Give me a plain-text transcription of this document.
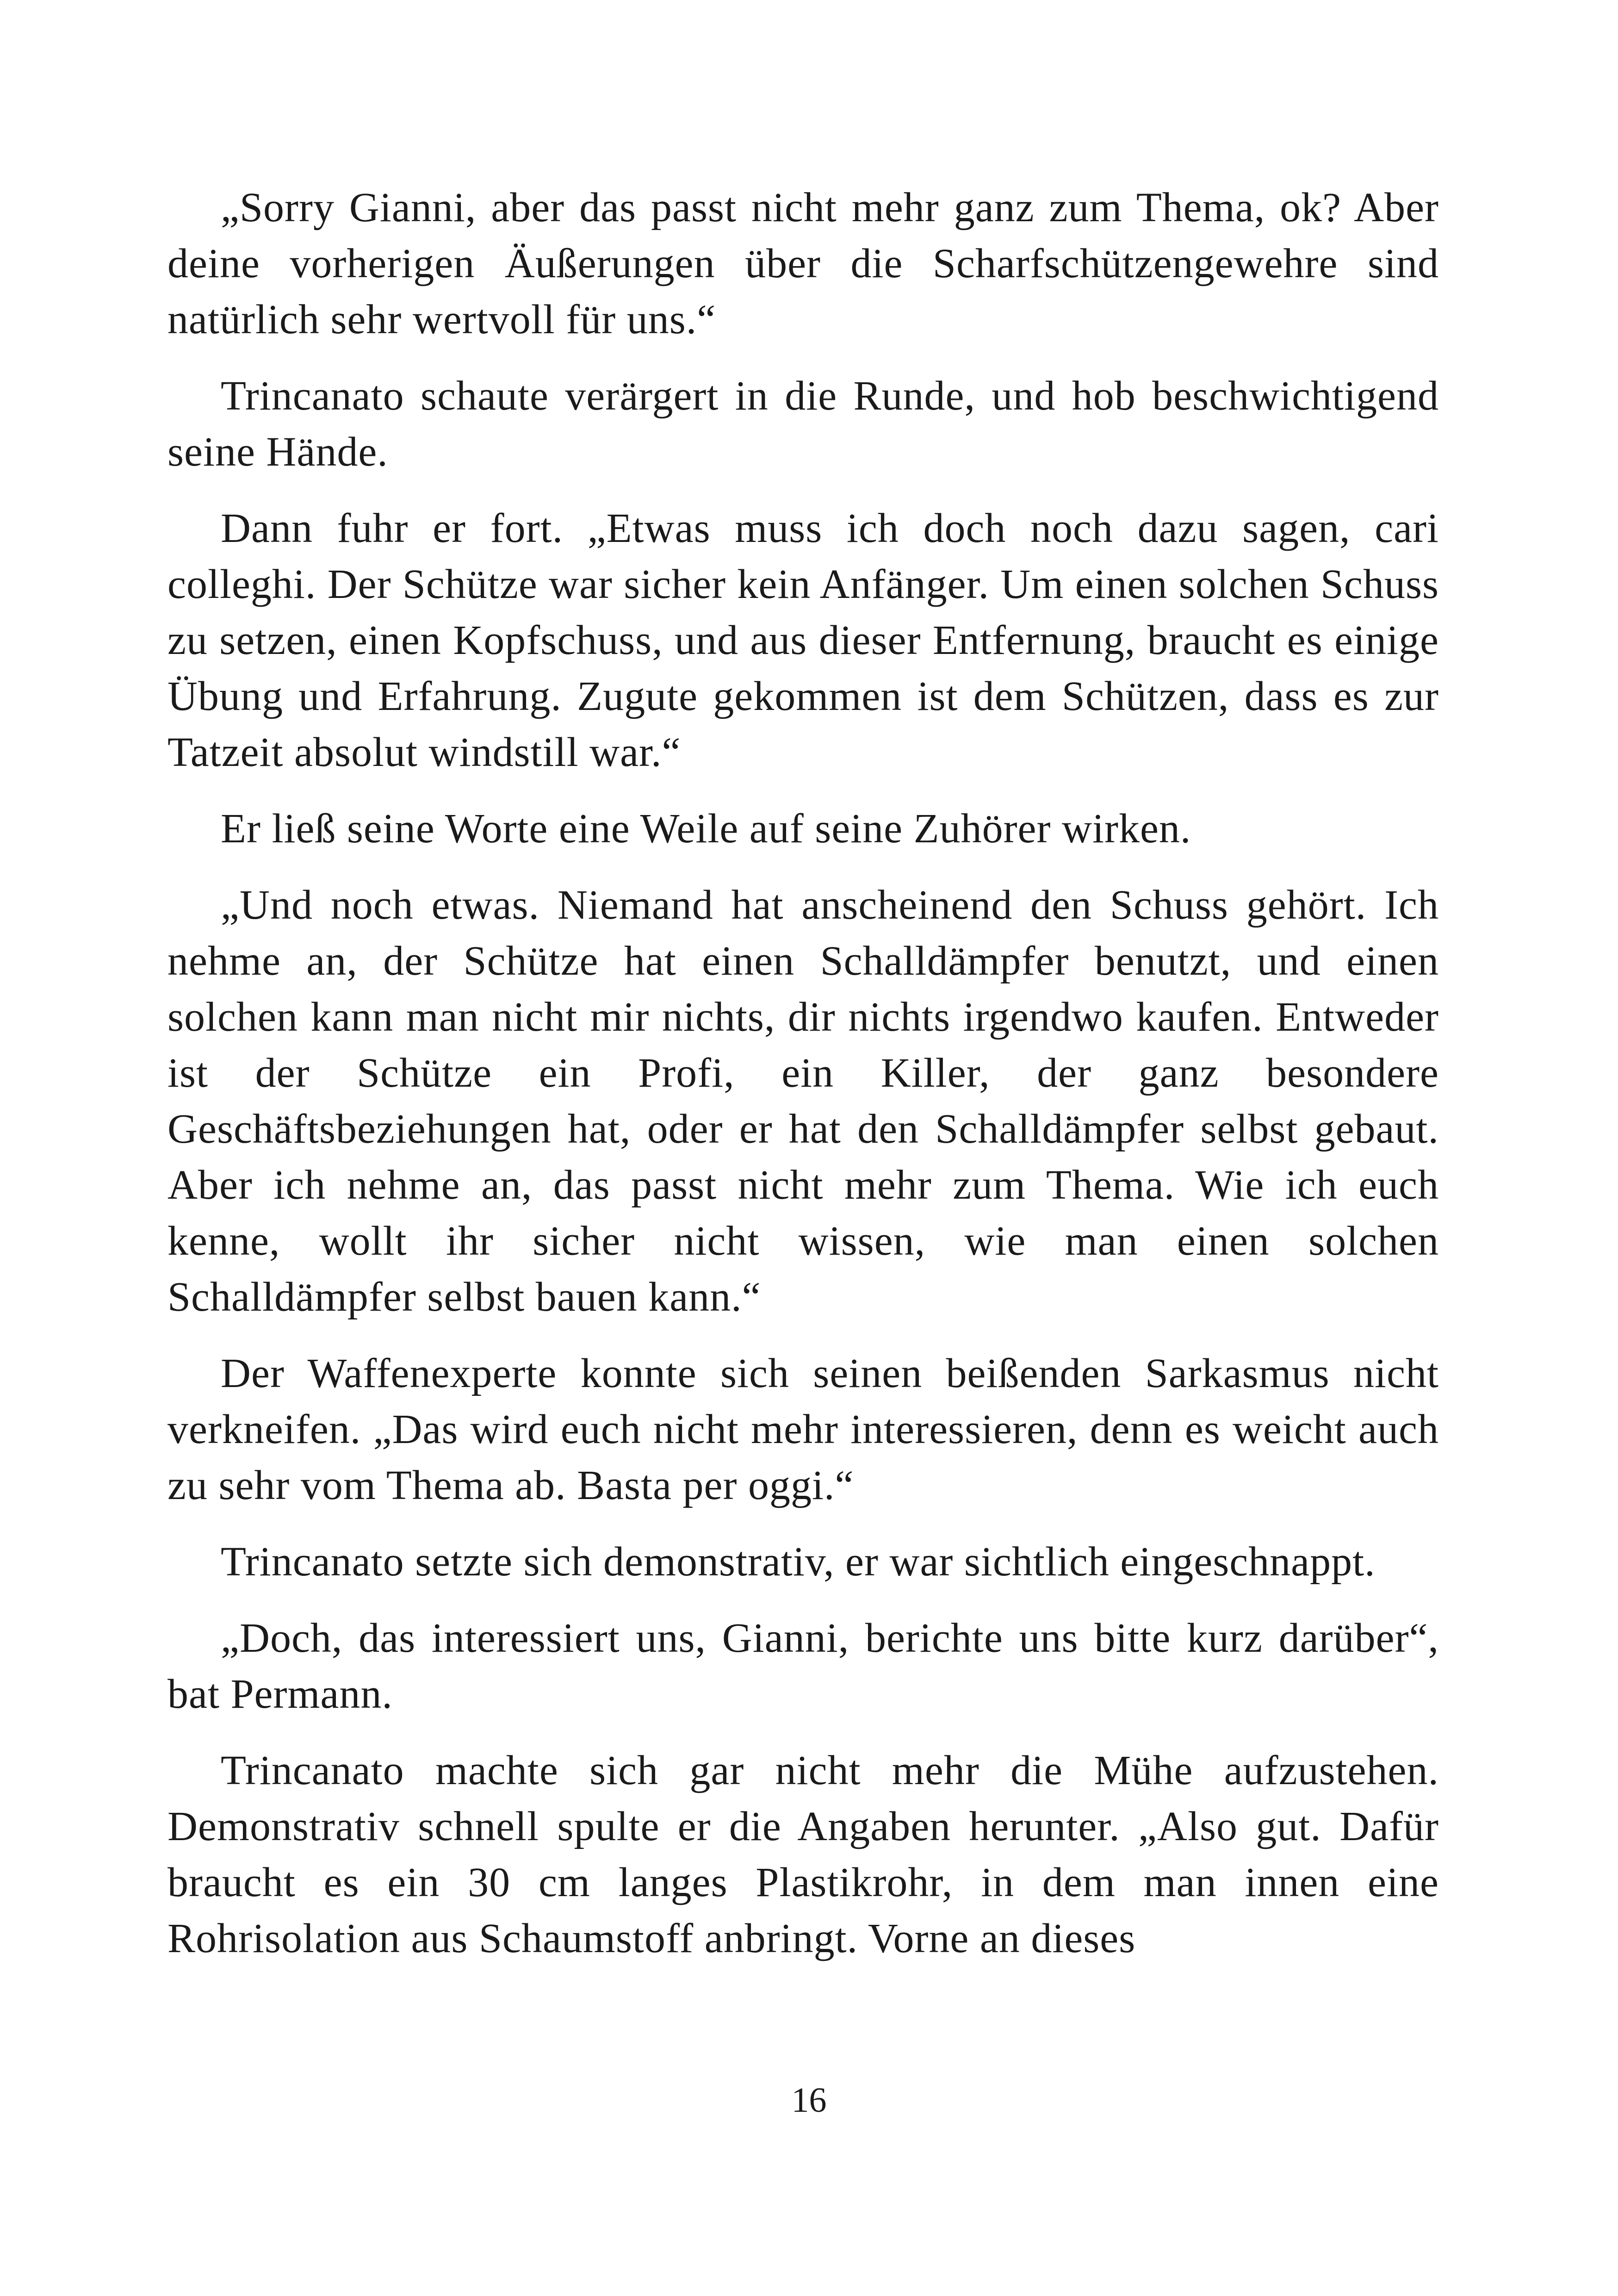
„Sorry Gianni, aber das passt nicht mehr ganz zum Thema, ok? Aber deine vorherigen Äußerungen über die Scharfschützengewehre sind natürlich sehr wertvoll für uns.“

Trincanato schaute verärgert in die Runde, und hob beschwichtigend seine Hände.

Dann fuhr er fort. „Etwas muss ich doch noch dazu sagen, cari colleghi. Der Schütze war sicher kein Anfänger. Um einen solchen Schuss zu setzen, einen Kopfschuss, und aus dieser Entfernung, braucht es einige Übung und Erfahrung. Zugute gekommen ist dem Schützen, dass es zur Tatzeit absolut windstill war.“

Er ließ seine Worte eine Weile auf seine Zuhörer wirken.

„Und noch etwas. Niemand hat anscheinend den Schuss gehört. Ich nehme an, der Schütze hat einen Schalldämpfer benutzt, und einen solchen kann man nicht mir nichts, dir nichts irgendwo kaufen. Entweder ist der Schütze ein Profi, ein Killer, der ganz besondere Geschäftsbeziehungen hat, oder er hat den Schalldämpfer selbst gebaut. Aber ich nehme an, das passt nicht mehr zum Thema. Wie ich euch kenne, wollt ihr sicher nicht wissen, wie man einen solchen Schalldämpfer selbst bauen kann.“

Der Waffenexperte konnte sich seinen beißenden Sarkasmus nicht verkneifen. „Das wird euch nicht mehr interessieren, denn es weicht auch zu sehr vom Thema ab. Basta per oggi.“

Trincanato setzte sich demonstrativ, er war sichtlich eingeschnappt.

„Doch, das interessiert uns, Gianni, berichte uns bitte kurz darüber“, bat Permann.

Trincanato machte sich gar nicht mehr die Mühe aufzustehen. Demonstrativ schnell spulte er die Angaben herunter. „Also gut. Dafür braucht es ein 30 cm langes Plastikrohr, in dem man innen eine Rohrisolation aus Schaumstoff anbringt. Vorne an dieses

16
